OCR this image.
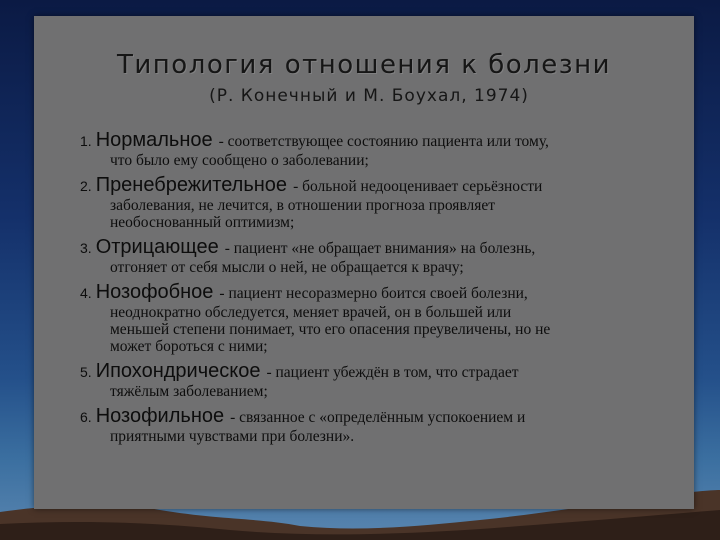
Типология отношения к болезни
(Р. Конечный и М. Боухал, 1974)
1. Нормальное - соответствующее состоянию пациента или тому,
что было ему сообщено о заболевании;
2. Пренебрежительное - больной недооценивает серьёзности
заболевания, не лечится, в отношении прогноза проявляет
необоснованный оптимизм;
3. Отрицающее - пациент «не обращает внимания» на болезнь,
отгоняет от себя мысли о ней, не обращается к врачу;
4. Нозофобное - пациент несоразмерно боится своей болезни,
неоднократно обследуется, меняет врачей, он в большей или
меньшей степени понимает, что его опасения преувеличены, но не
может бороться с ними;
5. Ипохондрическое - пациент убеждён в том, что страдает
тяжёлым заболеванием;
6. Нозофильное - связанное с «определённым успокоением и
приятными чувствами при болезни».
